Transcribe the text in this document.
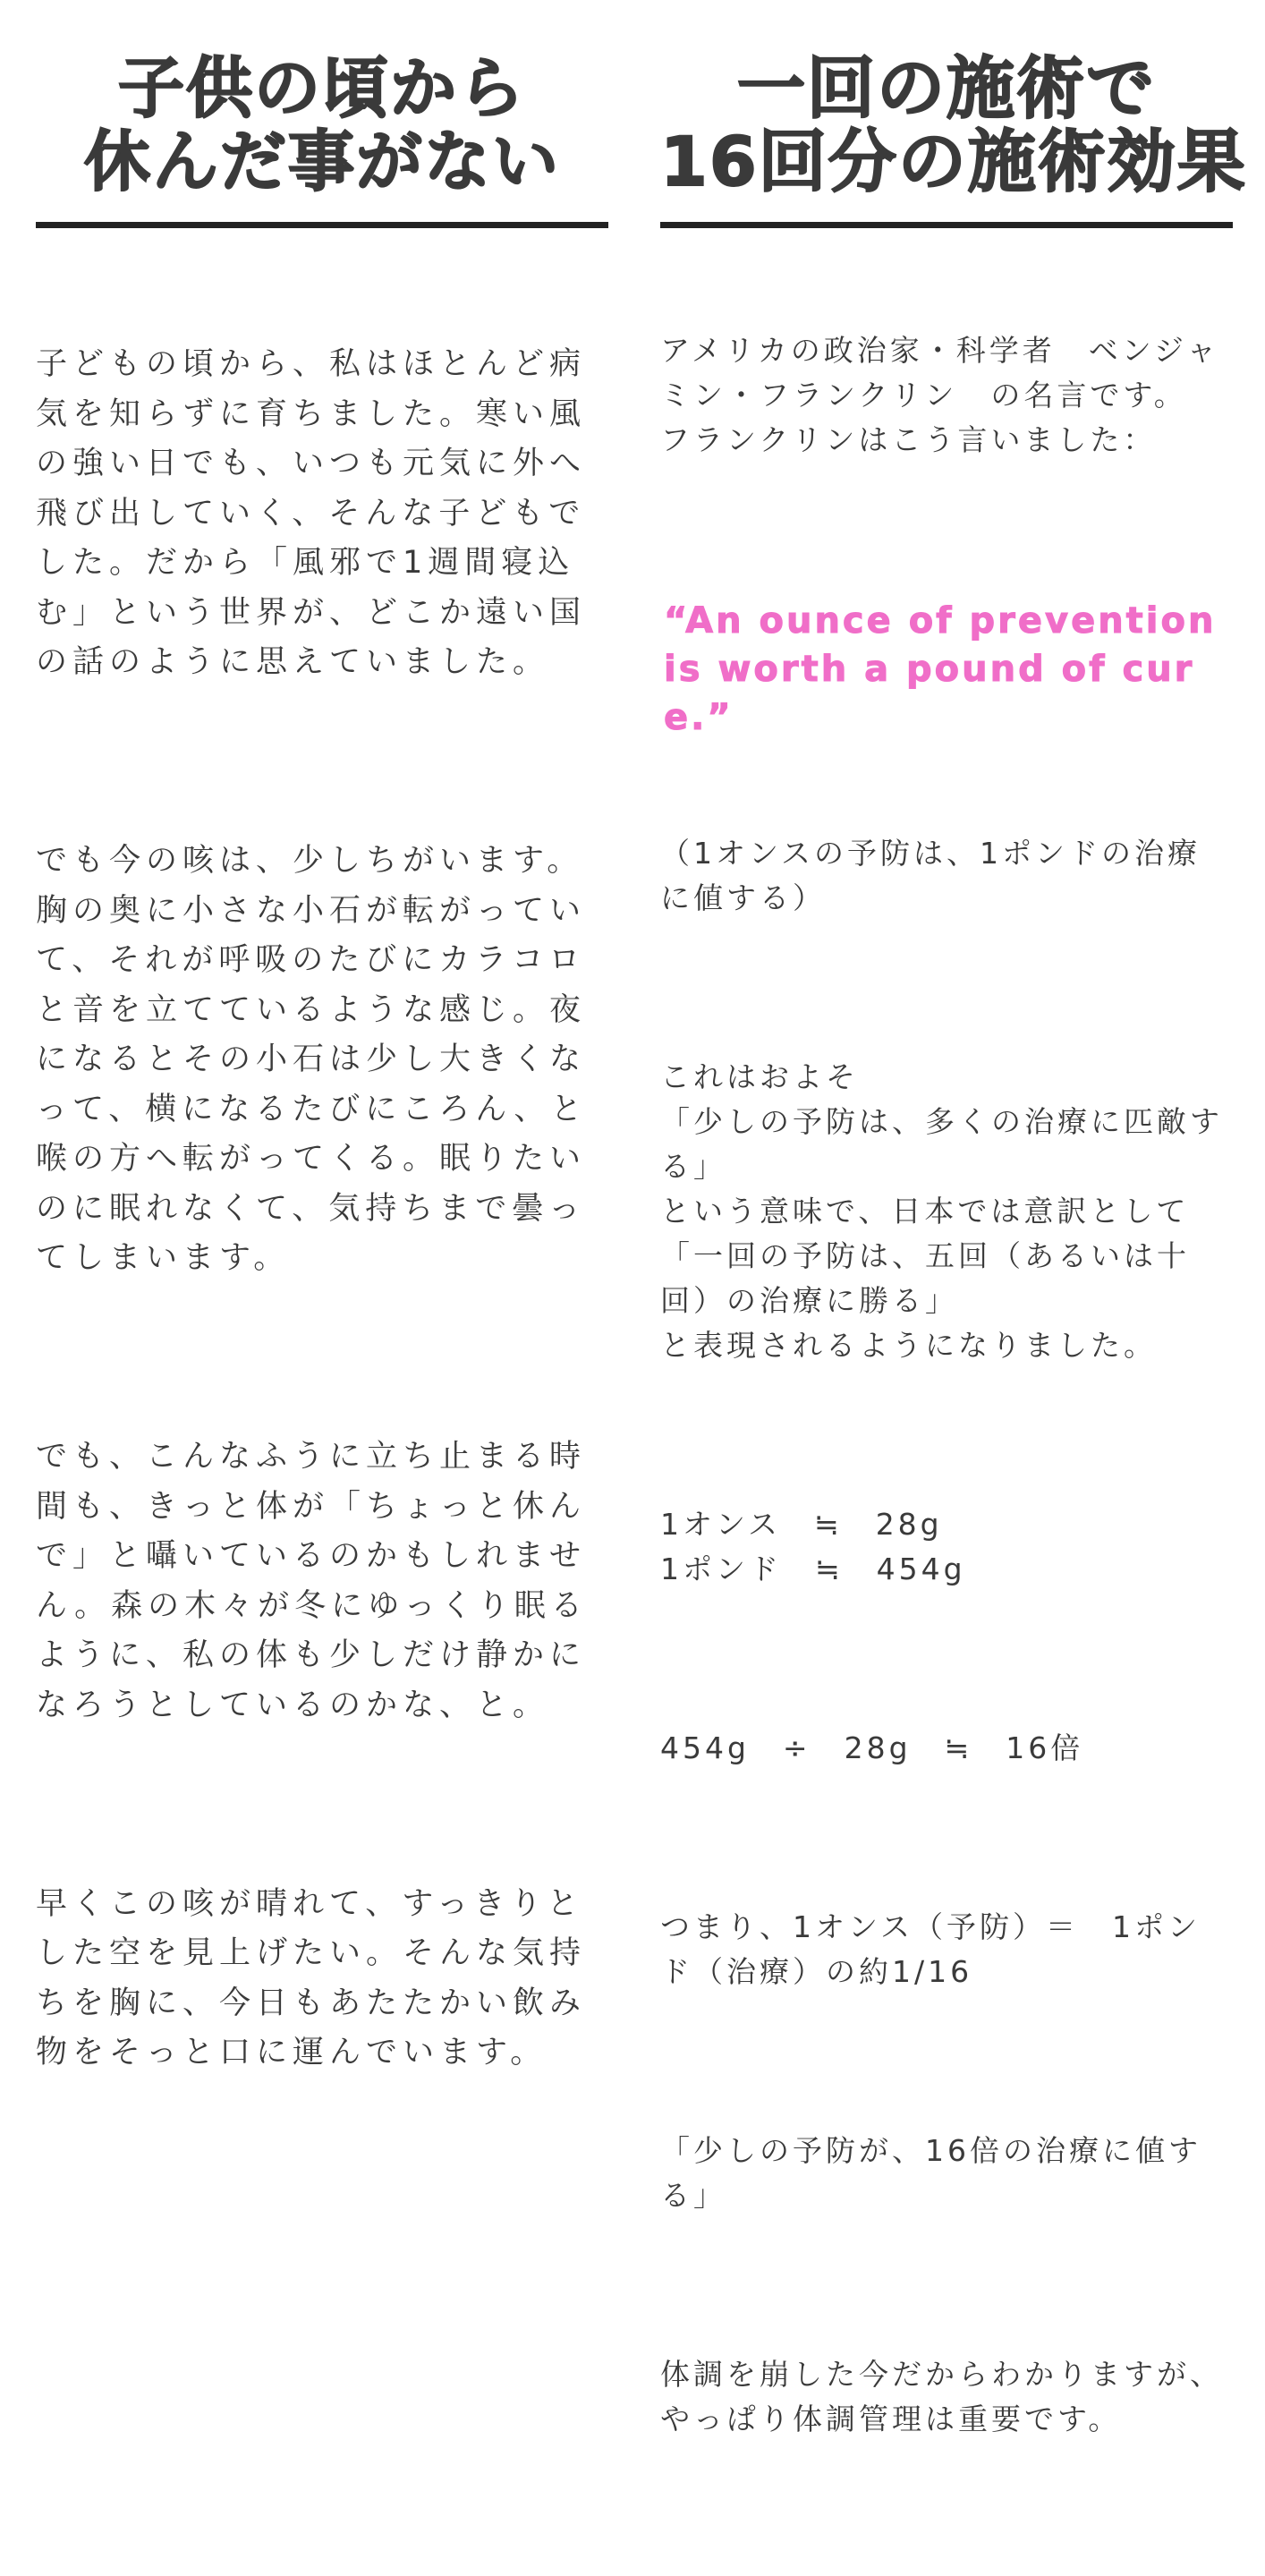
子供の頃から
休んだ事がない

子どもの頃から、私はほとんど病気を知らずに育ちました。寒い風の強い日でも、いつも元気に外へ飛び出していく、そんな子どもでした。だから「風邪で1週間寝込む」という世界が、どこか遠い国の話のように思えていました。

でも今の咳は、少しちがいます。胸の奥に小さな小石が転がっていて、それが呼吸のたびにカラコロと音を立てているような感じ。夜になるとその小石は少し大きくなって、横になるたびにころん、と喉の方へ転がってくる。眠りたいのに眠れなくて、気持ちまで曇ってしまいます。

でも、こんなふうに立ち止まる時間も、きっと体が「ちょっと休んで」と囁いているのかもしれません。森の木々が冬にゆっくり眠るように、私の体も少しだけ静かになろうとしているのかな、と。

早くこの咳が晴れて、すっきりとした空を見上げたい。そんな気持ちを胸に、今日もあたたかい飲み物をそっと口に運んでいます。

一回の施術で
16回分の施術効果

アメリカの政治家・科学者　ベンジャミン・フランクリン　の名言です。
フランクリンはこう言いました：

“An ounce of prevention is worth a pound of cure.”

（1オンスの予防は、1ポンドの治療に値する）

これはおよそ
「少しの予防は、多くの治療に匹敵する」
という意味で、日本では意訳として　「一回の予防は、五回（あるいは十回）の治療に勝る」
と表現されるようになりました。

1オンス　≒　28g
1ポンド　≒　454g

454g　÷　28g　≒　16倍

つまり、1オンス（予防）＝　1ポンド（治療）の約1/16

「少しの予防が、16倍の治療に値する」

体調を崩した今だからわかりますが、やっぱり体調管理は重要です。
